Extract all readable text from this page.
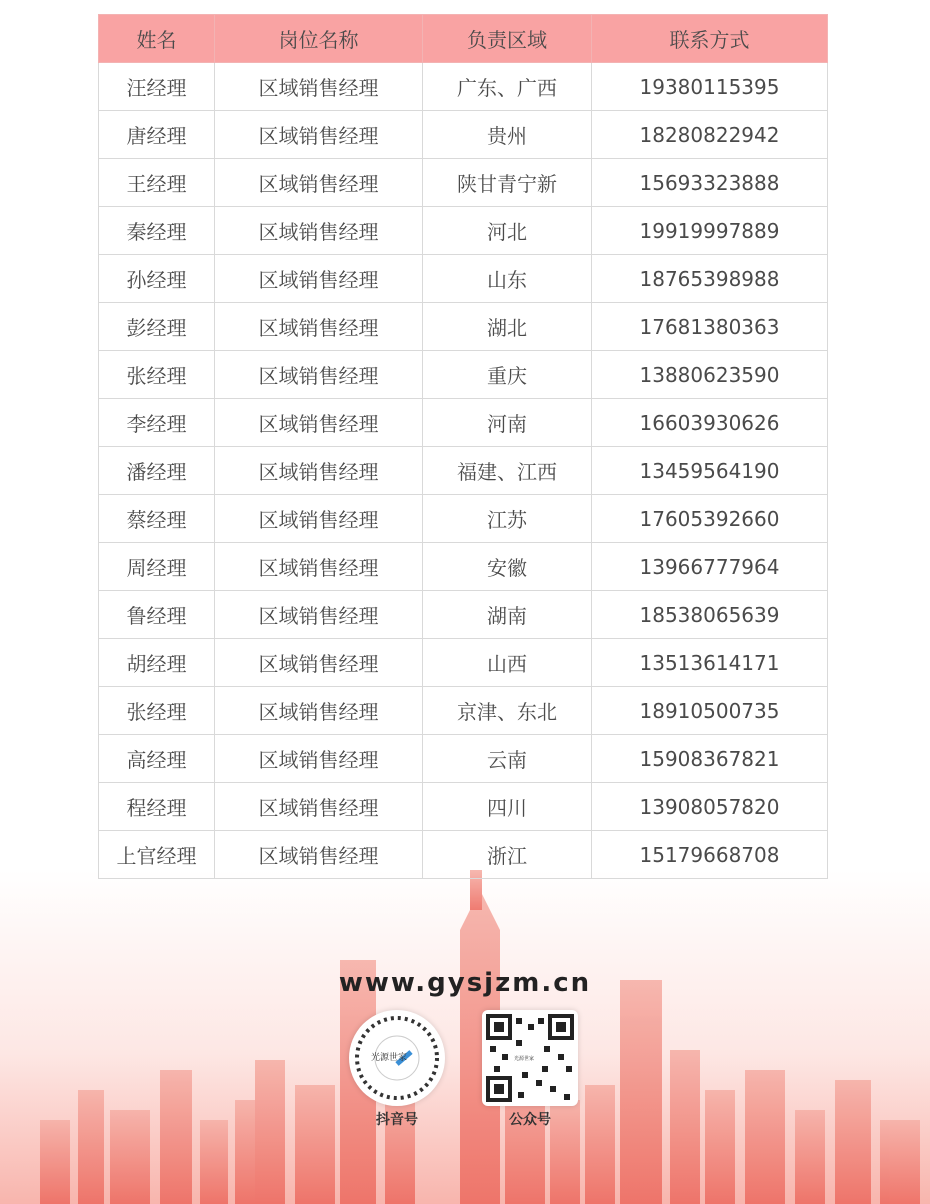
姓名	岗位名称	负责区域	联系方式
汪经理	区域销售经理	广东、广西	19380115395
唐经理	区域销售经理	贵州	18280822942
王经理	区域销售经理	陕甘青宁新	15693323888
秦经理	区域销售经理	河北	19919997889
孙经理	区域销售经理	山东	18765398988
彭经理	区域销售经理	湖北	17681380363
张经理	区域销售经理	重庆	13880623590
李经理	区域销售经理	河南	16603930626
潘经理	区域销售经理	福建、江西	13459564190
蔡经理	区域销售经理	江苏	17605392660
周经理	区域销售经理	安徽	13966777964
鲁经理	区域销售经理	湖南	18538065639
胡经理	区域销售经理	山西	13513614171
张经理	区域销售经理	京津、东北	18910500735
高经理	区域销售经理	云南	15908367821
程经理	区域销售经理	四川	13908057820
上官经理	区域销售经理	浙江	15179668708
www.gysjzm.cn
光源世家
抖音号
光源世家
公众号
